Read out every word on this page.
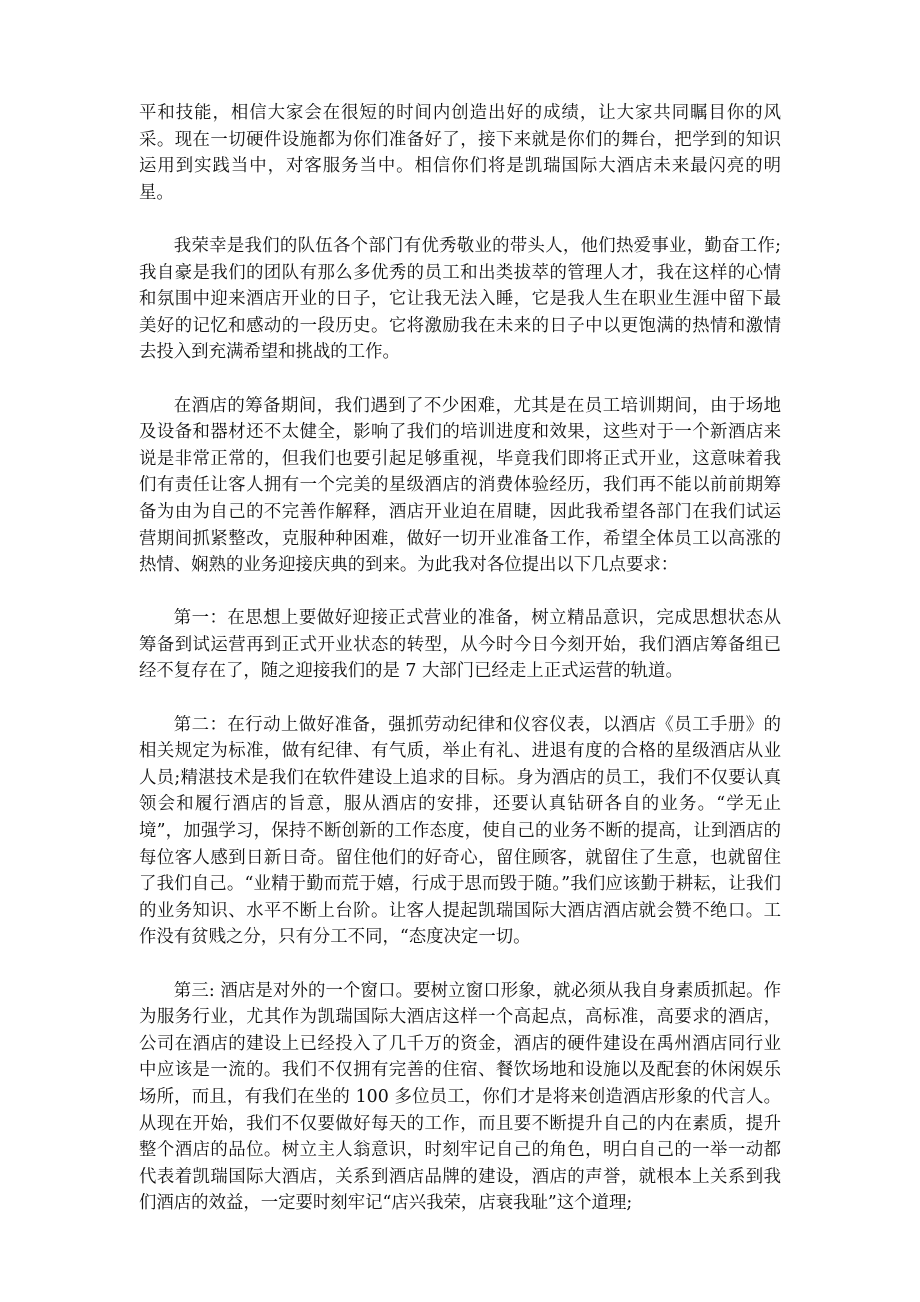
平和技能，相信大家会在很短的时间内创造出好的成绩，让大家共同瞩目你的风采。现在一切硬件设施都为你们准备好了，接下来就是你们的舞台，把学到的知识运用到实践当中，对客服务当中。相信你们将是凯瑞国际大酒店未来最闪亮的明星。

我荣幸是我们的队伍各个部门有优秀敬业的带头人，他们热爱事业，勤奋工作;我自豪是我们的团队有那么多优秀的员工和出类拔萃的管理人才，我在这样的心情和氛围中迎来酒店开业的日子，它让我无法入睡，它是我人生在职业生涯中留下最美好的记忆和感动的一段历史。它将激励我在未来的日子中以更饱满的热情和激情去投入到充满希望和挑战的工作。

在酒店的筹备期间，我们遇到了不少困难，尤其是在员工培训期间，由于场地及设备和器材还不太健全，影响了我们的培训进度和效果，这些对于一个新酒店来说是非常正常的，但我们也要引起足够重视，毕竟我们即将正式开业，这意味着我们有责任让客人拥有一个完美的星级酒店的消费体验经历，我们再不能以前前期筹备为由为自己的不完善作解释，酒店开业迫在眉睫，因此我希望各部门在我们试运营期间抓紧整改，克服种种困难，做好一切开业准备工作，希望全体员工以高涨的热情、娴熟的业务迎接庆典的到来。为此我对各位提出以下几点要求：

第一：在思想上要做好迎接正式营业的准备，树立精品意识，完成思想状态从筹备到试运营再到正式开业状态的转型，从今时今日今刻开始，我们酒店筹备组已经不复存在了，随之迎接我们的是 7 大部门已经走上正式运营的轨道。

第二：在行动上做好准备，强抓劳动纪律和仪容仪表，以酒店《员工手册》的相关规定为标准，做有纪律、有气质，举止有礼、进退有度的合格的星级酒店从业人员;精湛技术是我们在软件建设上追求的目标。身为酒店的员工，我们不仅要认真领会和履行酒店的旨意，服从酒店的安排，还要认真钻研各自的业务。“学无止境”，加强学习，保持不断创新的工作态度，使自己的业务不断的提高，让到酒店的每位客人感到日新日奇。留住他们的好奇心，留住顾客，就留住了生意，也就留住了我们自己。“业精于勤而荒于嬉，行成于思而毁于随。”我们应该勤于耕耘，让我们的业务知识、水平不断上台阶。让客人提起凯瑞国际大酒店酒店就会赞不绝口。工作没有贫贱之分，只有分工不同，“态度决定一切。

第三: 酒店是对外的一个窗口。要树立窗口形象，就必须从我自身素质抓起。作为服务行业，尤其作为凯瑞国际大酒店这样一个高起点，高标准，高要求的酒店，公司在酒店的建设上已经投入了几千万的资金，酒店的硬件建设在禹州酒店同行业中应该是一流的。我们不仅拥有完善的住宿、餐饮场地和设施以及配套的休闲娱乐场所，而且，有我们在坐的 100 多位员工，你们才是将来创造酒店形象的代言人。从现在开始，我们不仅要做好每天的工作，而且要不断提升自己的内在素质，提升整个酒店的品位。树立主人翁意识，时刻牢记自己的角色，明白自己的一举一动都代表着凯瑞国际大酒店，关系到酒店品牌的建设，酒店的声誉，就根本上关系到我们酒店的效益，一定要时刻牢记“店兴我荣，店衰我耻”这个道理;
